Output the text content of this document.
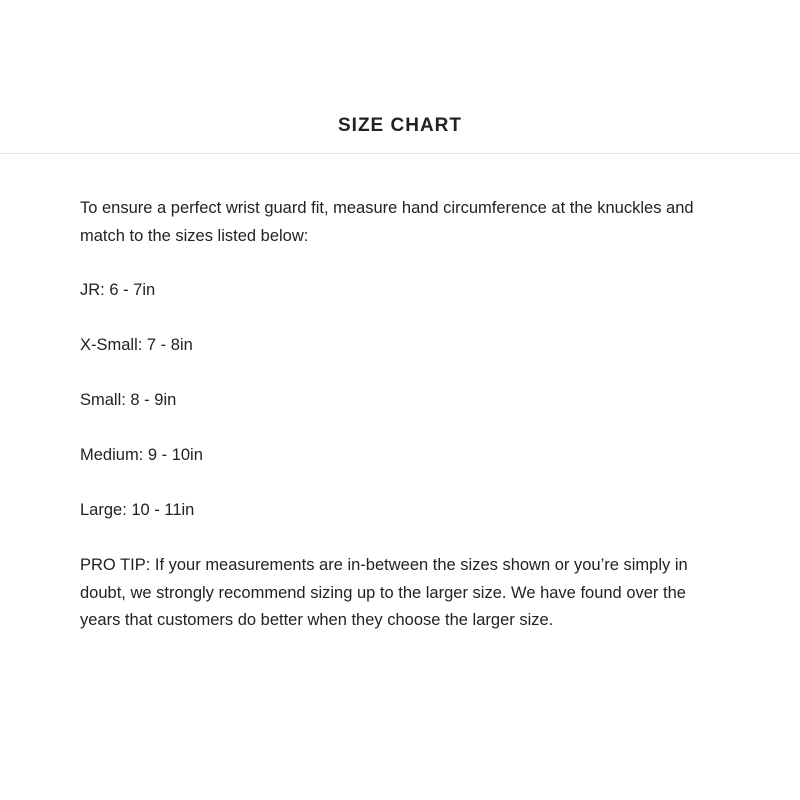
SIZE CHART

To ensure a perfect wrist guard fit, measure hand circumference at the knuckles and match to the sizes listed below:

JR: 6 - 7in

X-Small: 7 - 8in

Small: 8 - 9in

Medium: 9 - 10in

Large: 10 - 11in

PRO TIP: If your measurements are in-between the sizes shown or you’re simply in doubt, we strongly recommend sizing up to the larger size. We have found over the years that customers do better when they choose the larger size.
